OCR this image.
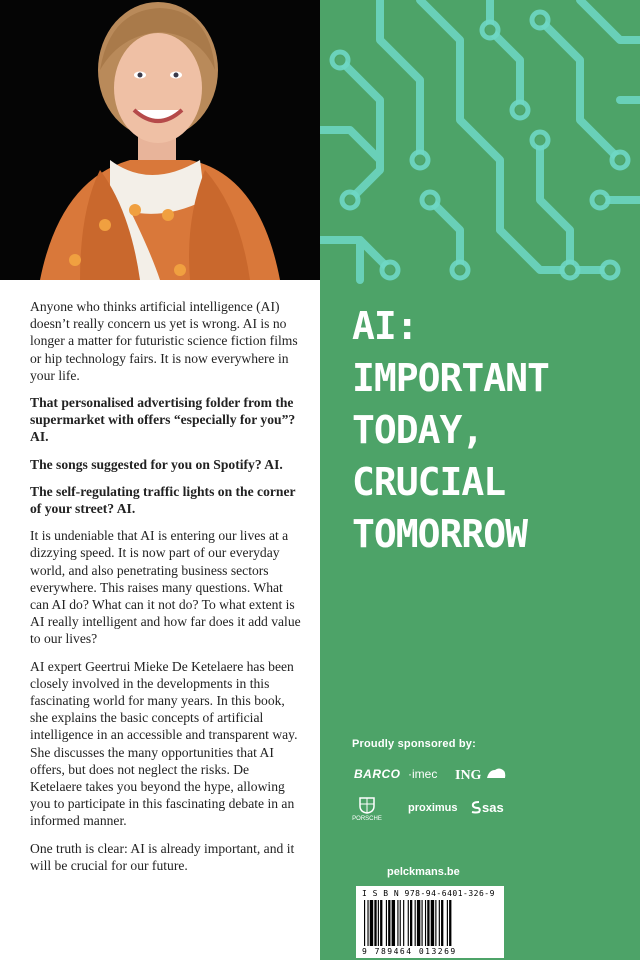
Anyone who thinks artificial intelligence (AI) doesn’t really concern us yet is wrong. AI is no longer a matter for futuristic science fiction films or hip technology fairs. It is now everywhere in your life.

That personalised advertising folder from the supermarket with offers “especially for you”? AI.

The songs suggested for you on Spotify? AI.

The self-regulating traffic lights on the corner of your street? AI.

It is undeniable that AI is entering our lives at a dizzying speed. It is now part of our everyday world, and also penetrating business sectors everywhere. This raises many questions. What can AI do? What can it not do? To what extent is AI really intelligent and how far does it add value to our lives?

AI expert Geertrui Mieke De Ketelaere has been closely involved in the developments in this fascinating world for many years. In this book, she explains the basic concepts of artificial intelligence in an accessible and transparent way. She discusses the many opportunities that AI offers, but does not neglect the risks. De Ketelaere takes you beyond the hype, allowing you to participate in this fascinating debate in an informed manner.

One truth is clear: AI is already important, and it will be crucial for our future.

AI:
IMPORTANT
TODAY,
CRUCIAL
TOMORROW
Proudly sponsored by:
BARCO ·imec ING
PORSCHE
proximus	sas
pelckmans.be
I S B N 978-94-6401-326-9
9 789464 013269
